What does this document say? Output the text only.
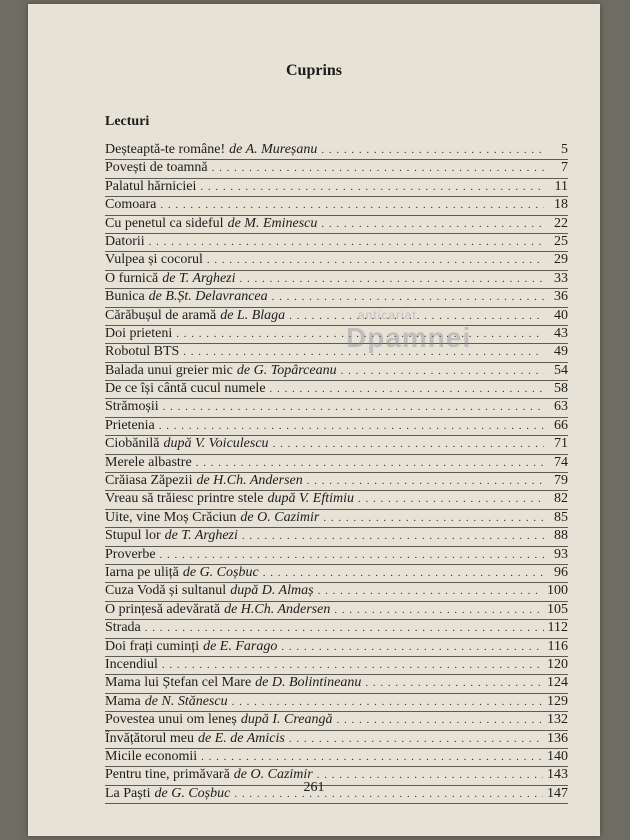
Cuprins
Lecturi
Deșteaptă-te române! de A. Mureșanu . . .	5
Povești de toamnă . . .	7
Palatul hărniciei . . .	11
Comoara . . .	18
Cu penetul ca sideful de M. Eminescu . . .	22
Datorii . . .	25
Vulpea și cocorul . . .	29
O furnică de T. Arghezi . . .	33
Bunica de B.Șt. Delavrancea . . .	36
Cărăbușul de aramă de L. Blaga . . .	40
Doi prieteni . . .	43
Robotul BTS . . .	49
Balada unui greier mic de G. Topârceanu . . .	54
De ce își cântă cucul numele . . .	58
Strămoșii . . .	63
Prietenia . . .	66
Ciobănilă după V. Voiculescu . . .	71
Merele albastre . . .	74
Crăiasa Zăpezii de H.Ch. Andersen . . .	79
Vreau să trăiesc printre stele după V. Eftimiu . . .	82
Uite, vine Moș Crăciun de O. Cazimir . . .	85
Stupul lor de T. Arghezi . . .	88
Proverbe . . .	93
Iarna pe uliță de G. Coșbuc . . .	96
Cuza Vodă și sultanul după D. Almaș . . .	100
O prințesă adevărată de H.Ch. Andersen . . .	105
Strada . . .	112
Doi frați cuminți de E. Farago . . .	116
Incendiul . . .	120
Mama lui Ștefan cel Mare de D. Bolintineanu . . .	124
Mama de N. Stănescu . . .	129
Povestea unui om leneș după I. Creangă . . .	132
Învățătorul meu de E. de Amicis . . .	136
Micile economii . . .	140
Pentru tine, primăvară de O. Cazimir . . .	143
La Paști de G. Coșbuc . . .	147
anticariat
Dpamnei
261
